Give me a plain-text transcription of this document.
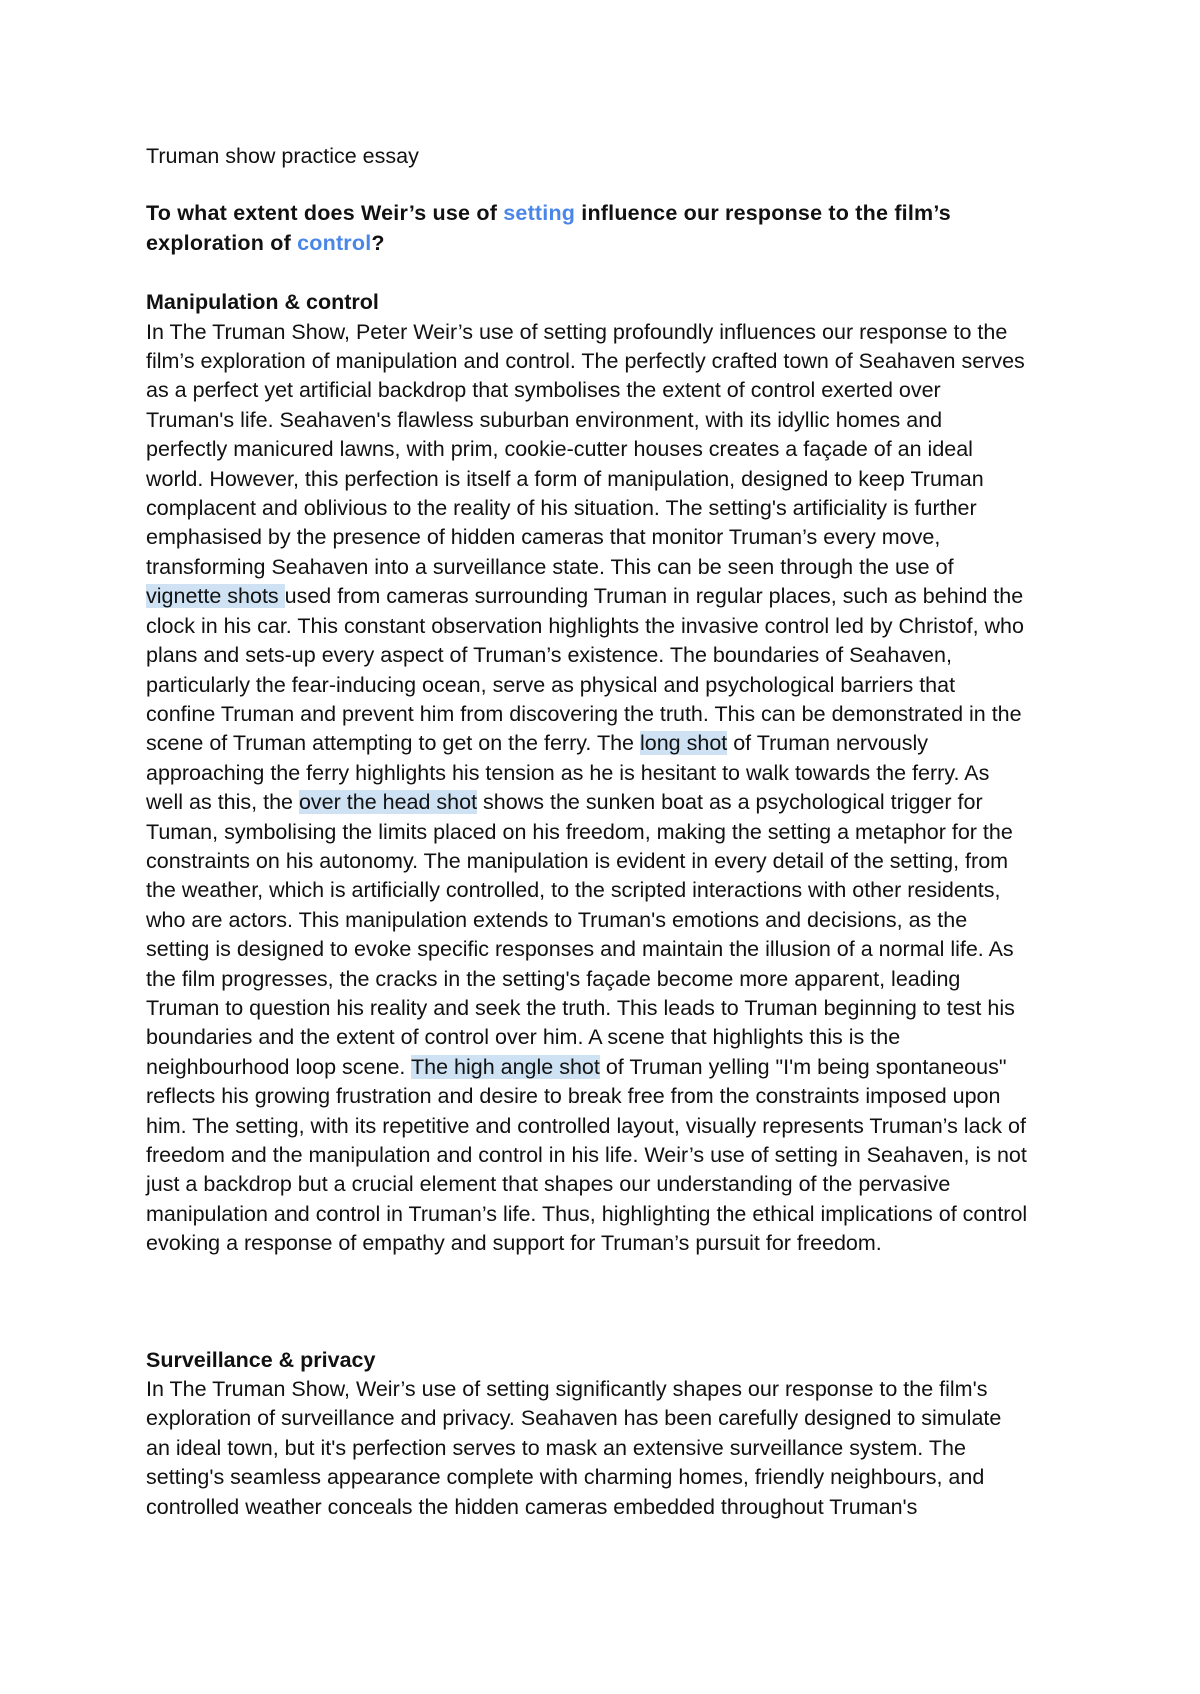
Truman show practice essay

To what extent does Weir’s use of setting influence our response to the film’s
exploration of control?

Manipulation & control

In The Truman Show, Peter Weir’s use of setting profoundly influences our response to the
film’s exploration of manipulation and control. The perfectly crafted town of Seahaven serves
as a perfect yet artificial backdrop that symbolises the extent of control exerted over
Truman's life. Seahaven's flawless suburban environment, with its idyllic homes and
perfectly manicured lawns, with prim, cookie-cutter houses creates a façade of an ideal
world. However, this perfection is itself a form of manipulation, designed to keep Truman
complacent and oblivious to the reality of his situation. The setting's artificiality is further
emphasised by the presence of hidden cameras that monitor Truman’s every move,
transforming Seahaven into a surveillance state. This can be seen through the use of
vignette shots used from cameras surrounding Truman in regular places, such as behind the
clock in his car. This constant observation highlights the invasive control led by Christof, who
plans and sets-up every aspect of Truman’s existence. The boundaries of Seahaven,
particularly the fear-inducing ocean, serve as physical and psychological barriers that
confine Truman and prevent him from discovering the truth. This can be demonstrated in the
scene of Truman attempting to get on the ferry. The long shot of Truman nervously
approaching the ferry highlights his tension as he is hesitant to walk towards the ferry. As
well as this, the over the head shot shows the sunken boat as a psychological trigger for
Tuman, symbolising the limits placed on his freedom, making the setting a metaphor for the
constraints on his autonomy. The manipulation is evident in every detail of the setting, from
the weather, which is artificially controlled, to the scripted interactions with other residents,
who are actors. This manipulation extends to Truman's emotions and decisions, as the
setting is designed to evoke specific responses and maintain the illusion of a normal life. As
the film progresses, the cracks in the setting's façade become more apparent, leading
Truman to question his reality and seek the truth. This leads to Truman beginning to test his
boundaries and the extent of control over him. A scene that highlights this is the
neighbourhood loop scene. The high angle shot of Truman yelling "I'm being spontaneous"
reflects his growing frustration and desire to break free from the constraints imposed upon
him. The setting, with its repetitive and controlled layout, visually represents Truman’s lack of
freedom and the manipulation and control in his life. Weir’s use of setting in Seahaven, is not
just a backdrop but a crucial element that shapes our understanding of the pervasive
manipulation and control in Truman’s life. Thus, highlighting the ethical implications of control
evoking a response of empathy and support for Truman’s pursuit for freedom.

Surveillance & privacy

In The Truman Show, Weir’s use of setting significantly shapes our response to the film's
exploration of surveillance and privacy. Seahaven has been carefully designed to simulate
an ideal town, but it's perfection serves to mask an extensive surveillance system. The
setting's seamless appearance complete with charming homes, friendly neighbours, and
controlled weather conceals the hidden cameras embedded throughout Truman's
